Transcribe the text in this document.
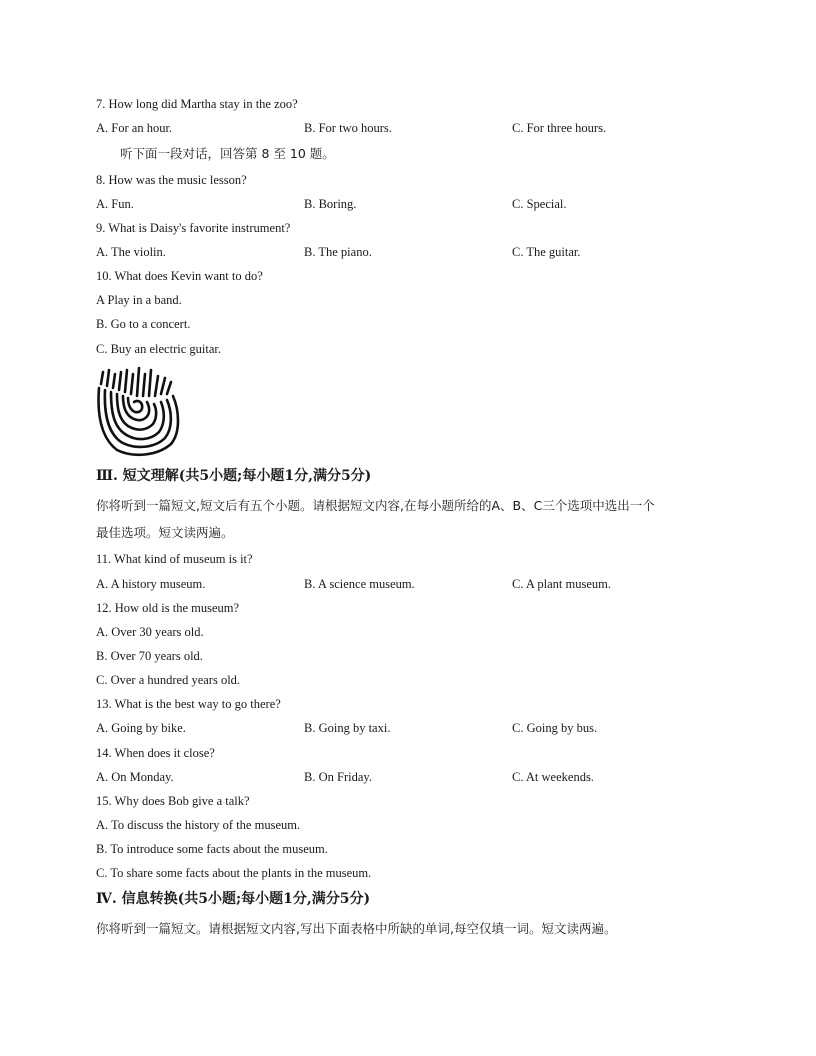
7. How long did Martha stay in the zoo?
A. For an hour.	B. For two hours.	C. For three hours.
听下面一段对话，回答第 8 至 10 题。
8. How was the music lesson?
A. Fun.	B. Boring.	C. Special.
9. What is Daisy's favorite instrument?
A. The violin.	B. The piano.	C. The guitar.
10. What does Kevin want to do?
A Play in a band.
B. Go to a concert.
C. Buy an electric guitar.
Ⅲ. 短文理解(共5小题;每小题1分,满分5分)
你将听到一篇短文,短文后有五个小题。请根据短文内容,在每小题所给的A、B、C三个选项中选出一个
最佳选项。短文读两遍。
11. What kind of museum is it?
A. A history museum.	B. A science museum.	C. A plant museum.
12. How old is the museum?
A. Over 30 years old.
B. Over 70 years old.
C. Over a hundred years old.
13. What is the best way to go there?
A. Going by bike.	B. Going by taxi.	C. Going by bus.
14. When does it close?
A. On Monday.	B. On Friday.	C. At weekends.
15. Why does Bob give a talk?
A. To discuss the history of the museum.
B. To introduce some facts about the museum.
C. To share some facts about the plants in the museum.
Ⅳ. 信息转换(共5小题;每小题1分,满分5分)
你将听到一篇短文。请根据短文内容,写出下面表格中所缺的单词,每空仅填一词。短文读两遍。
